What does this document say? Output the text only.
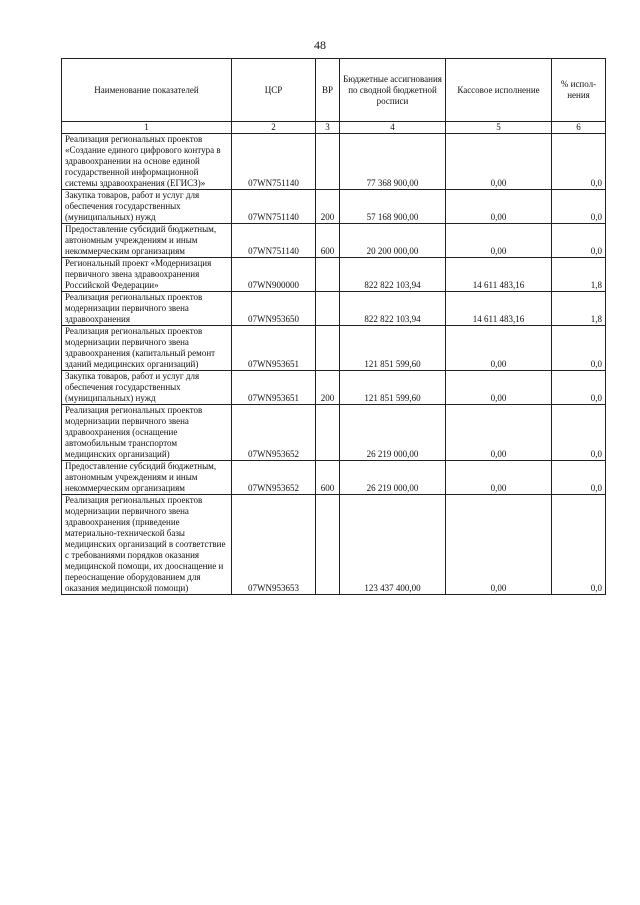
48
Наименование показателей	ЦСР	ВР	Бюджетные ассигнования по сводной бюджетной росписи	Кассовое исполнение	% испол-нения
1	2	3	4	5	6
Реализация региональных проектов «Создание единого цифрового контура в здравоохранении на основе единой государственной информационной системы здравоохранения (ЕГИСЗ)»	07WN751140		77 368 900,00	0,00	0,0
Закупка товаров, работ и услуг для обеспечения государственных (муниципальных) нужд	07WN751140	200	57 168 900,00	0,00	0,0
Предоставление субсидий бюджетным, автономным учреждениям и иным некоммерческим организациям	07WN751140	600	20 200 000,00	0,00	0,0
Региональный проект «Модернизация первичного звена здравоохранения Российской Федерации»	07WN900000		822 822 103,94	14 611 483,16	1,8
Реализация региональных проектов модернизации первичного звена здравоохранения	07WN953650		822 822 103,94	14 611 483,16	1,8
Реализация региональных проектов модернизации первичного звена здравоохранения (капитальный ремонт зданий медицинских организаций)	07WN953651		121 851 599,60	0,00	0,0
Закупка товаров, работ и услуг для обеспечения государственных (муниципальных) нужд	07WN953651	200	121 851 599,60	0,00	0,0
Реализация региональных проектов модернизации первичного звена здравоохранения (оснащение автомобильным транспортом медицинских организаций)	07WN953652		26 219 000,00	0,00	0,0
Предоставление субсидий бюджетным, автономным учреждениям и иным некоммерческим организациям	07WN953652	600	26 219 000,00	0,00	0,0
Реализация региональных проектов модернизации первичного звена здравоохранения (приведение материально-технической базы медицинских организаций в соответствие с требованиями порядков оказания медицинской помощи, их дооснащение и переоснащение оборудованием для оказания медицинской помощи)	07WN953653		123 437 400,00	0,00	0,0
